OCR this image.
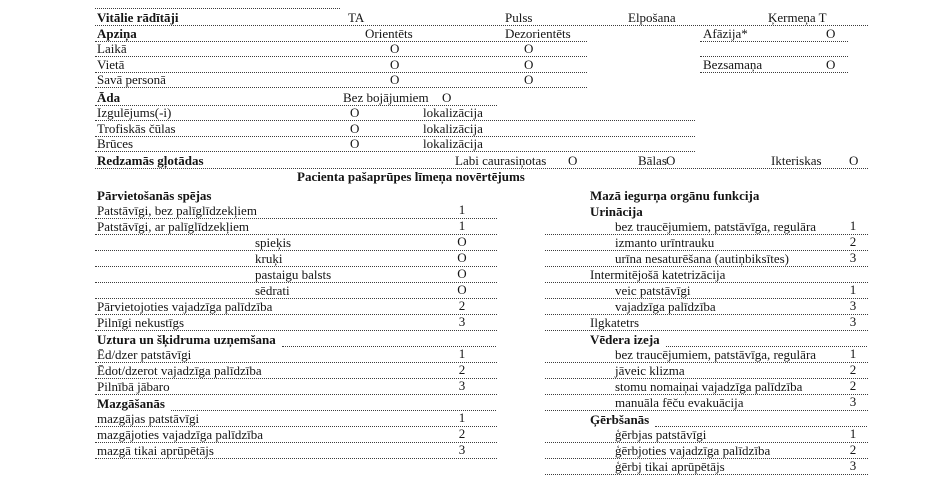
Vitālie rādītāji	TA	Pulss	Elpošana	Ķermeņa T
Apziņa	Orientēts	Dezorientēts	Afāzija*	O
Laikā	O	O
Vietā	O	O	Bezsamaņa	O
Savā personā	O	O
Āda	Bez bojājumiem O
Izgulējums(-i)	O	lokalizācija
Trofiskās čūlas	O	lokalizācija
Brūces	O	lokalizācija
Redzamās gļotādas	Labi caurasiņotas O	Bālas O	Ikteriskas O
Pacienta pašaprūpes līmeņa novērtējums
Pārvietošanās spējas
Patstāvīgi, bez palīglīdzekļiem	1
Patstāvīgi, ar palīglīdzekļiem	1
spieķis	O
kruķi	O
pastaigu balsts	O
sēdrati	O
Pārvietojoties vajadzīga palīdzība	2
Pilnīgi nekustīgs	3
Uztura un šķidruma uzņemšana
Ēd/dzer patstāvīgi	1
Ēdot/dzerot vajadzīga palīdzība	2
Pilnībā jābaro	3
Mazgāšanās
mazgājas patstāvīgi	1
mazgājoties vajadzīga palīdzība	2
mazgā tikai aprūpētājs	3
Mazā iegurņa orgānu funkcija
Urinācija
bez traucējumiem, patstāvīga, regulāra	1
izmanto urīntrauku	2
urīna nesaturēšana (autiņbiksītes)	3
Intermitējošā katetrizācija
veic patstāvīgi	1
vajadzīga palīdzība	3
Ilgkatetrs	3
Vēdera izeja
bez traucējumiem, patstāvīga, regulāra	1
jāveic klizma	2
stomu nomaiņai vajadzīga palīdzība	2
manuāla fēču evakuācija	3
Ģērbšanās
ģērbjas patstāvīgi	1
ģērbjoties vajadzīga palīdzība	2
ģērbj tikai aprūpētājs	3
